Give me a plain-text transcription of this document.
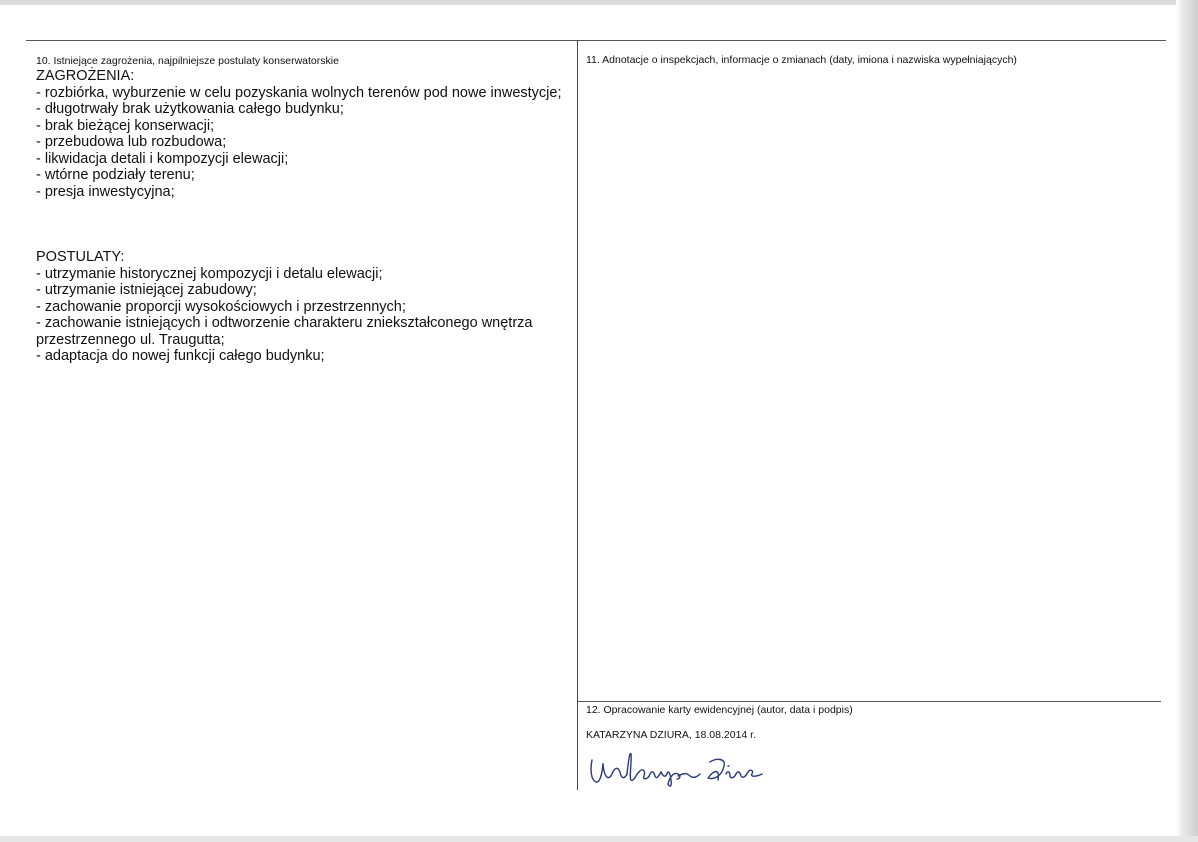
10. Istniejące zagrożenia, najpilniejsze postulaty konserwatorskie
ZAGROŻENIA:
- rozbiórka, wyburzenie w celu pozyskania wolnych terenów pod nowe inwestycje;
- długotrwały brak użytkowania całego budynku;
- brak bieżącej konserwacji;
- przebudowa lub rozbudowa;
- likwidacja detali i kompozycji elewacji;
- wtórne podziały terenu;
- presja inwestycyjna;
POSTULATY:
- utrzymanie historycznej kompozycji i detalu elewacji;
- utrzymanie istniejącej zabudowy;
- zachowanie proporcji wysokościowych i przestrzennych;
- zachowanie istniejących i odtworzenie charakteru zniekształconego wnętrza
przestrzennego ul. Traugutta;
- adaptacja do nowej funkcji całego budynku;
11. Adnotacje o inspekcjach, informacje o zmianach (daty, imiona i nazwiska wypełniających)
12. Opracowanie karty ewidencyjnej (autor, data i podpis)
KATARZYNA DZIURA, 18.08.2014 r.
